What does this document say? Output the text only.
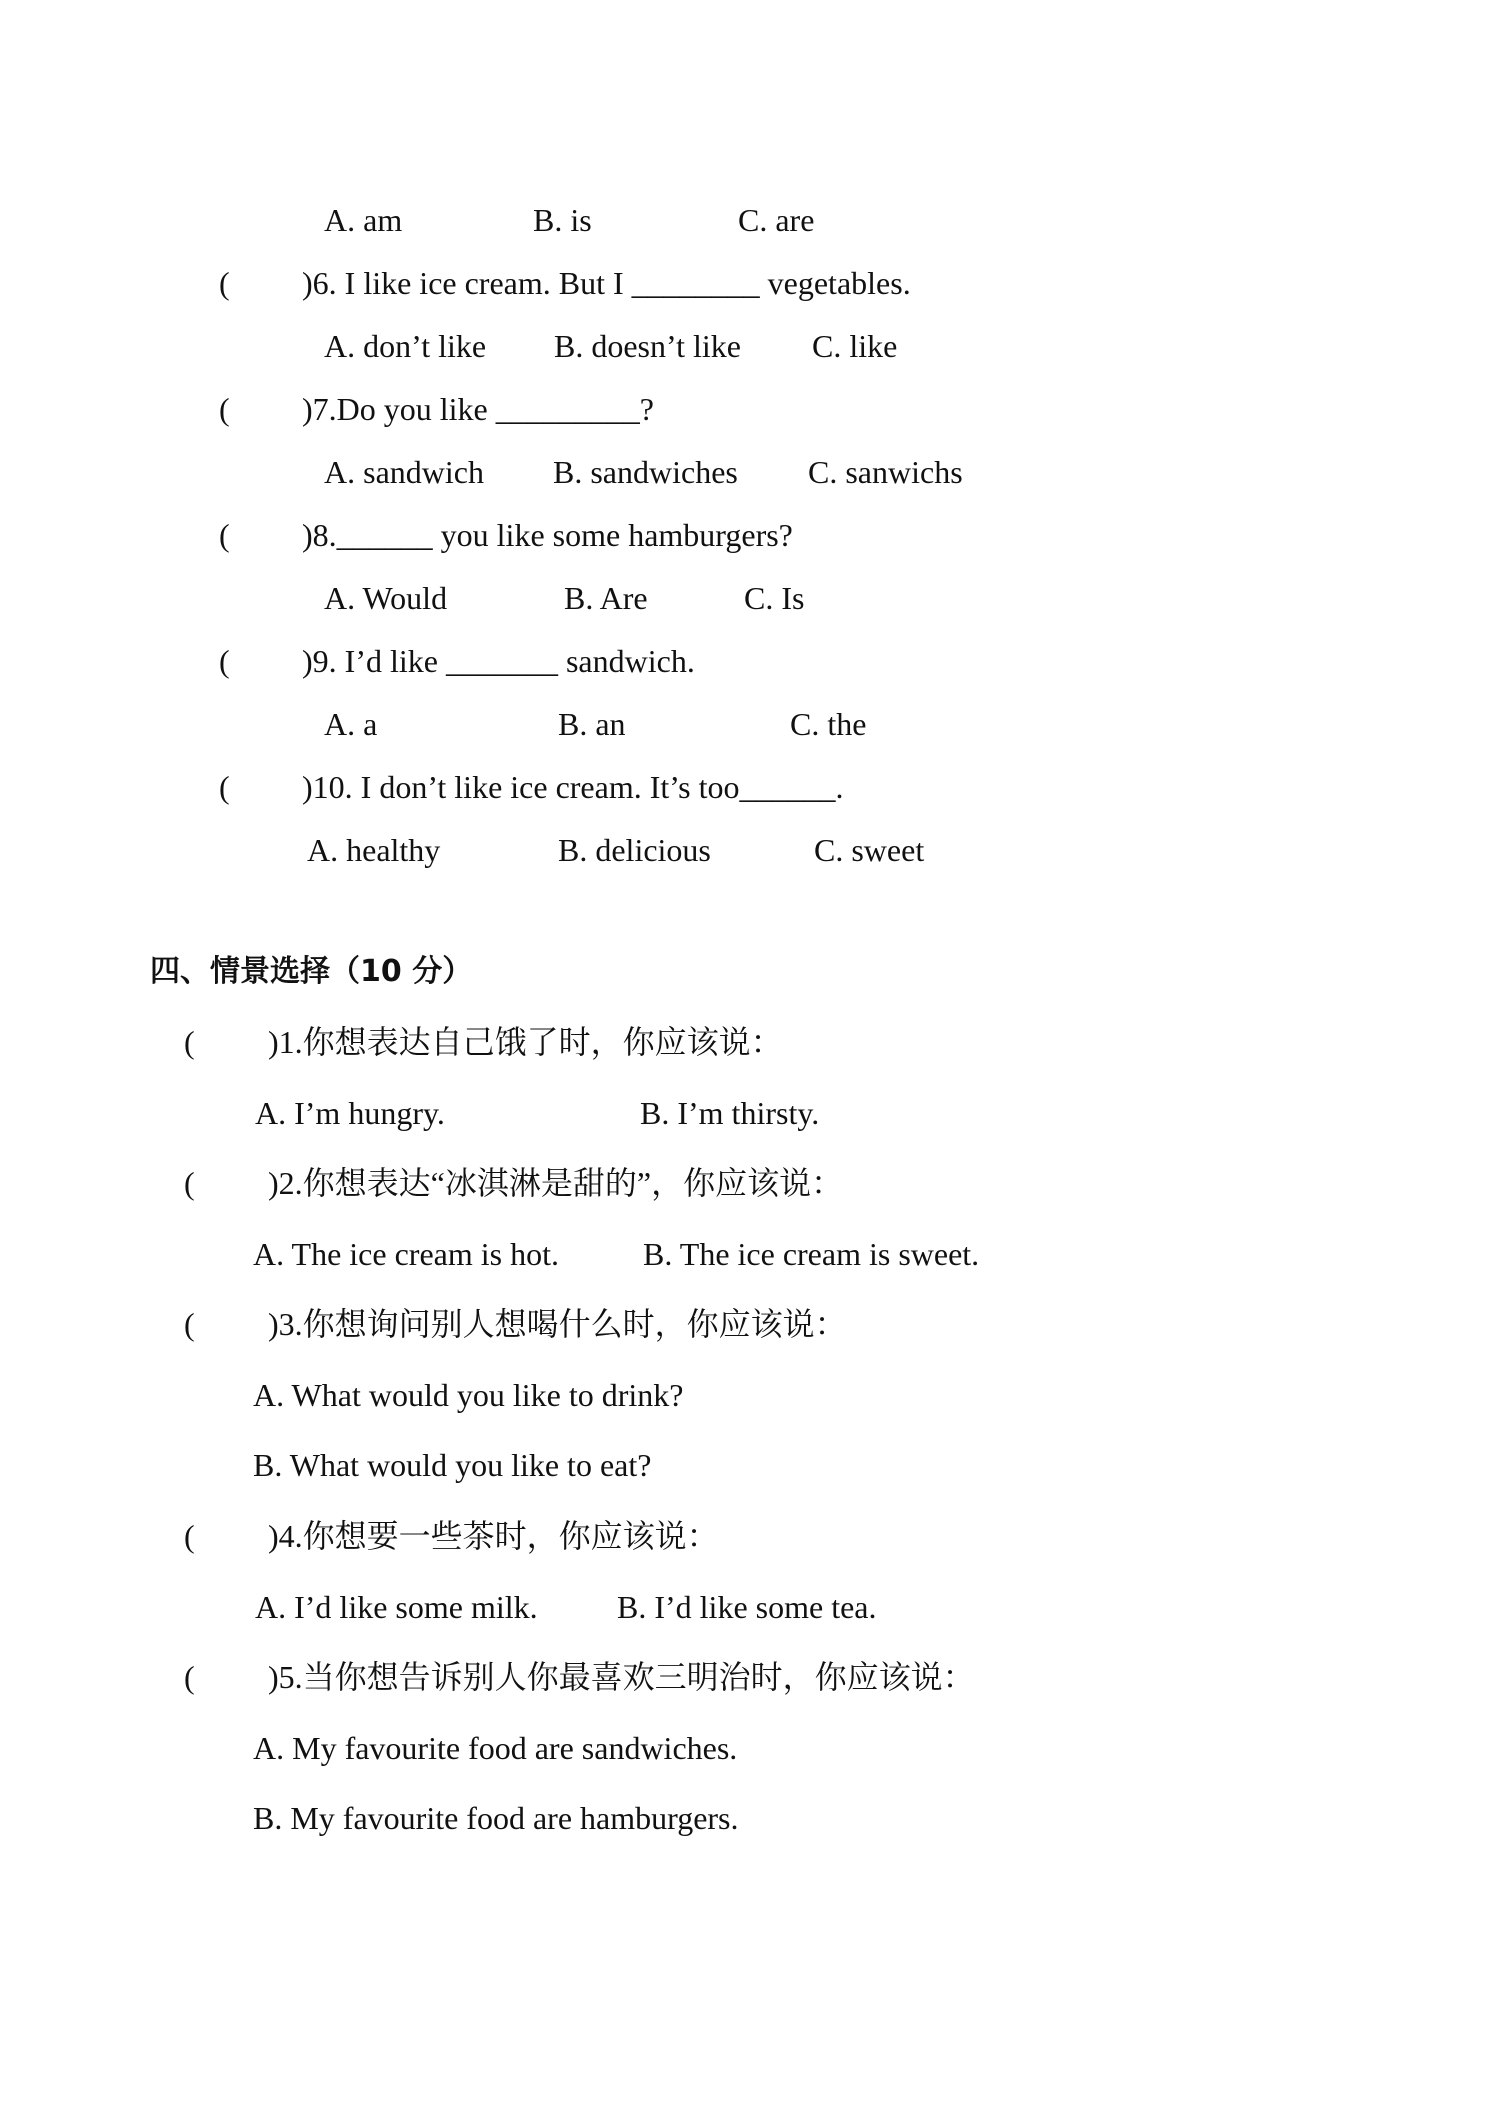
A. am	B. is	C. are
( )6. I like ice cream. But I ________ vegetables.
A. don’t like B. doesn’t like C. like
( )7.Do you like _________?
A. sandwich B. sandwiches C. sanwichs
( )8.______ you like some hamburgers?
A. Would	B. Are	C. Is
( )9. I’d like _______ sandwich.
A. a	B. an	C. the
( )10. I don’t like ice cream. It’s too______.
A. healthy	B. delicious	C. sweet
四、情景选择（10 分）
( )1.你想表达自己饿了时，你应该说：
A. I’m hungry.	B. I’m thirsty.
( )2.你想表达“冰淇淋是甜的”，你应该说：
A. The ice cream is hot.	B. The ice cream is sweet.
( )3.你想询问别人想喝什么时，你应该说：
A. What would you like to drink?
B. What would you like to eat?
( )4.你想要一些茶时，你应该说：
A. I’d like some milk. B. I’d like some tea.
( )5.当你想告诉别人你最喜欢三明治时，你应该说：
A. My favourite food are sandwiches.
B. My favourite food are hamburgers.
